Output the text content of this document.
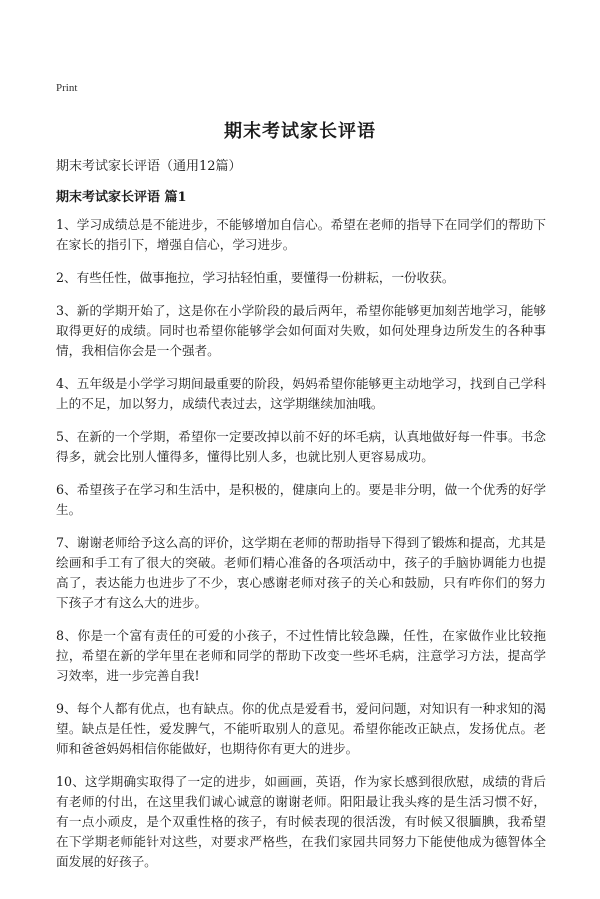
Print
期末考试家长评语

期末考试家长评语（通用12篇）

期末考试家长评语 篇1

1、学习成绩总是不能进步，不能够增加自信心。希望在老师的指导下在同学们的帮助下在家长的指引下，增强自信心，学习进步。

2、有些任性，做事拖拉，学习拈轻怕重，要懂得一份耕耘，一份收获。

3、新的学期开始了，这是你在小学阶段的最后两年，希望你能够更加刻苦地学习，能够取得更好的成绩。同时也希望你能够学会如何面对失败，如何处理身边所发生的各种事情，我相信你会是一个强者。

4、五年级是小学学习期间最重要的阶段，妈妈希望你能够更主动地学习，找到自己学科上的不足，加以努力，成绩代表过去，这学期继续加油哦。

5、在新的一个学期，希望你一定要改掉以前不好的坏毛病，认真地做好每一件事。书念得多，就会比别人懂得多，懂得比别人多，也就比别人更容易成功。

6、希望孩子在学习和生活中，是积极的，健康向上的。要是非分明，做一个优秀的好学生。

7、谢谢老师给予这么高的评价，这学期在老师的帮助指导下得到了锻炼和提高，尤其是绘画和手工有了很大的突破。老师们精心准备的各项活动中，孩子的手脑协调能力也提高了，表达能力也进步了不少，衷心感谢老师对孩子的关心和鼓励，只有咋你们的努力下孩子才有这么大的进步。

8、你是一个富有责任的可爱的小孩子，不过性情比较急躁，任性，在家做作业比较拖拉，希望在新的学年里在老师和同学的帮助下改变一些坏毛病，注意学习方法，提高学习效率，进一步完善自我!

9、每个人都有优点，也有缺点。你的优点是爱看书，爱问问题，对知识有一种求知的渴望。缺点是任性，爱发脾气，不能听取别人的意见。希望你能改正缺点，发扬优点。老师和爸爸妈妈相信你能做好，也期待你有更大的进步。

10、这学期确实取得了一定的进步，如画画，英语，作为家长感到很欣慰，成绩的背后有老师的付出，在这里我们诚心诚意的谢谢老师。阳阳最让我头疼的是生活习惯不好，有一点小顽皮，是个双重性格的孩子，有时候表现的很活泼，有时候又很腼腆，我希望在下学期老师能针对这些，对要求严格些，在我们家园共同努力下能使他成为德智体全面发展的好孩子。
